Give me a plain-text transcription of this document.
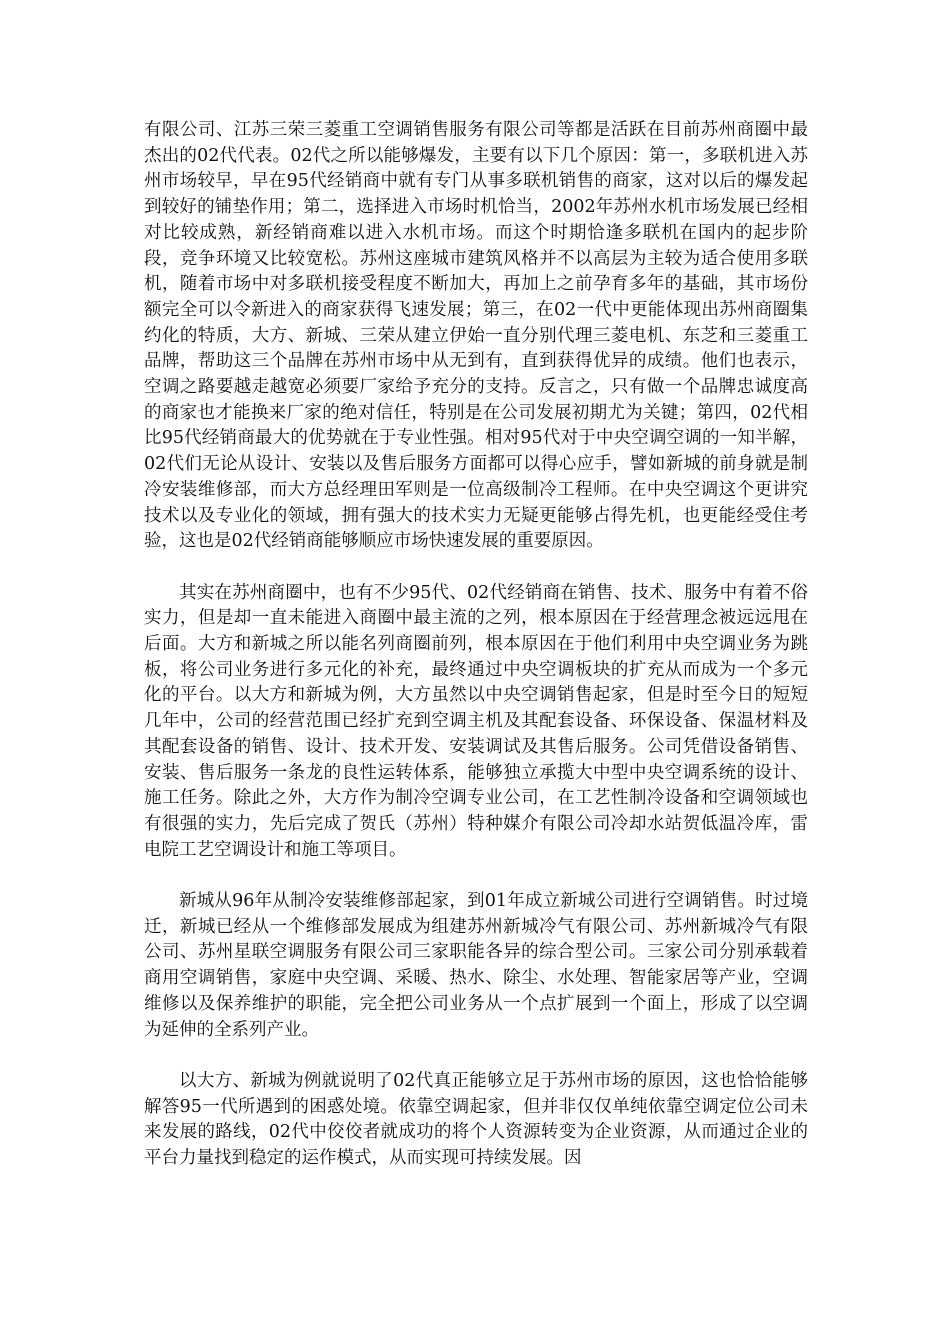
有限公司、江苏三荣三菱重工空调销售服务有限公司等都是活跃在目前苏州商圈中最杰出的02代代表。02代之所以能够爆发，主要有以下几个原因：第一，多联机进入苏州市场较早，早在95代经销商中就有专门从事多联机销售的商家，这对以后的爆发起到较好的铺垫作用；第二，选择进入市场时机恰当，2002年苏州水机市场发展已经相对比较成熟，新经销商难以进入水机市场。而这个时期恰逢多联机在国内的起步阶段，竞争环境又比较宽松。苏州这座城市建筑风格并不以高层为主较为适合使用多联机，随着市场中对多联机接受程度不断加大，再加上之前孕育多年的基础，其市场份额完全可以令新进入的商家获得飞速发展；第三，在02一代中更能体现出苏州商圈集约化的特质，大方、新城、三荣从建立伊始一直分别代理三菱电机、东芝和三菱重工品牌，帮助这三个品牌在苏州市场中从无到有，直到获得优异的成绩。他们也表示，空调之路要越走越宽必须要厂家给予充分的支持。反言之，只有做一个品牌忠诚度高的商家也才能换来厂家的绝对信任，特别是在公司发展初期尤为关键；第四，02代相比95代经销商最大的优势就在于专业性强。相对95代对于中央空调空调的一知半解，02代们无论从设计、安装以及售后服务方面都可以得心应手，譬如新城的前身就是制冷安装维修部，而大方总经理田军则是一位高级制冷工程师。在中央空调这个更讲究技术以及专业化的领域，拥有强大的技术实力无疑更能够占得先机，也更能经受住考验，这也是02代经销商能够顺应市场快速发展的重要原因。

其实在苏州商圈中，也有不少95代、02代经销商在销售、技术、服务中有着不俗实力，但是却一直未能进入商圈中最主流的之列，根本原因在于经营理念被远远甩在后面。大方和新城之所以能名列商圈前列，根本原因在于他们利用中央空调业务为跳板，将公司业务进行多元化的补充，最终通过中央空调板块的扩充从而成为一个多元化的平台。以大方和新城为例，大方虽然以中央空调销售起家，但是时至今日的短短几年中，公司的经营范围已经扩充到空调主机及其配套设备、环保设备、保温材料及其配套设备的销售、设计、技术开发、安装调试及其售后服务。公司凭借设备销售、安装、售后服务一条龙的良性运转体系，能够独立承揽大中型中央空调系统的设计、施工任务。除此之外，大方作为制冷空调专业公司，在工艺性制冷设备和空调领域也有很强的实力，先后完成了贺氏（苏州）特种媒介有限公司冷却水站贺低温冷库，雷电院工艺空调设计和施工等项目。

新城从96年从制冷安装维修部起家，到01年成立新城公司进行空调销售。时过境迁，新城已经从一个维修部发展成为组建苏州新城冷气有限公司、苏州新城冷气有限公司、苏州星联空调服务有限公司三家职能各异的综合型公司。三家公司分别承载着商用空调销售，家庭中央空调、采暖、热水、除尘、水处理、智能家居等产业，空调维修以及保养维护的职能，完全把公司业务从一个点扩展到一个面上，形成了以空调为延伸的全系列产业。

以大方、新城为例就说明了02代真正能够立足于苏州市场的原因，这也恰恰能够解答95一代所遇到的困惑处境。依靠空调起家，但并非仅仅单纯依靠空调定位公司未来发展的路线，02代中佼佼者就成功的将个人资源转变为企业资源，从而通过企业的平台力量找到稳定的运作模式，从而实现可持续发展。因
